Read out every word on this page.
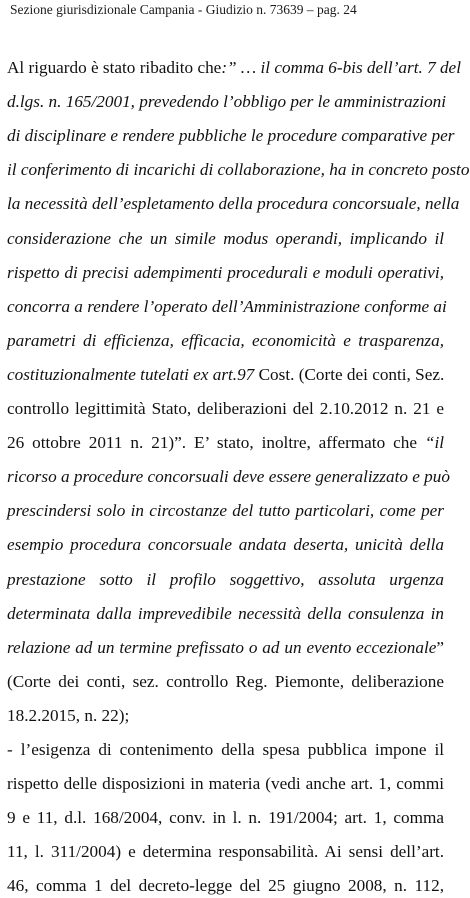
Sezione giurisdizionale Campania - Giudizio n. 73639 – pag. 24
Al riguardo è stato ribadito che:” … il comma 6-bis dell’art. 7 del
d.lgs. n. 165/2001, prevedendo l’obbligo per le amministrazioni
di disciplinare e rendere pubbliche le procedure comparative per
il conferimento di incarichi di collaborazione, ha in concreto posto
la necessità dell’espletamento della procedura concorsuale, nella
considerazione che un simile modus operandi, implicando il
rispetto di precisi adempimenti procedurali e moduli operativi,
concorra a rendere l’operato dell’Amministrazione conforme ai
parametri di efficienza, efficacia, economicità e trasparenza,
costituzionalmente tutelati ex art.97 Cost. (Corte dei conti, Sez.
controllo legittimità Stato, deliberazioni del 2.10.2012 n. 21 e
26 ottobre 2011 n. 21)”. E’ stato, inoltre, affermato che “il
ricorso a procedure concorsuali deve essere generalizzato e può
prescindersi solo in circostanze del tutto particolari, come per
esempio procedura concorsuale andata deserta, unicità della
prestazione sotto il profilo soggettivo, assoluta urgenza
determinata dalla imprevedibile necessità della consulenza in
relazione ad un termine prefissato o ad un evento eccezionale”
(Corte dei conti, sez. controllo Reg. Piemonte, deliberazione
18.2.2015, n. 22);
- l’esigenza di contenimento della spesa pubblica impone il
rispetto delle disposizioni in materia (vedi anche art. 1, commi
9 e 11, d.l. 168/2004, conv. in l. n. 191/2004; art. 1, comma
11, l. 311/2004) e determina responsabilità. Ai sensi dell’art.
46, comma 1 del decreto-legge del 25 giugno 2008, n. 112,
